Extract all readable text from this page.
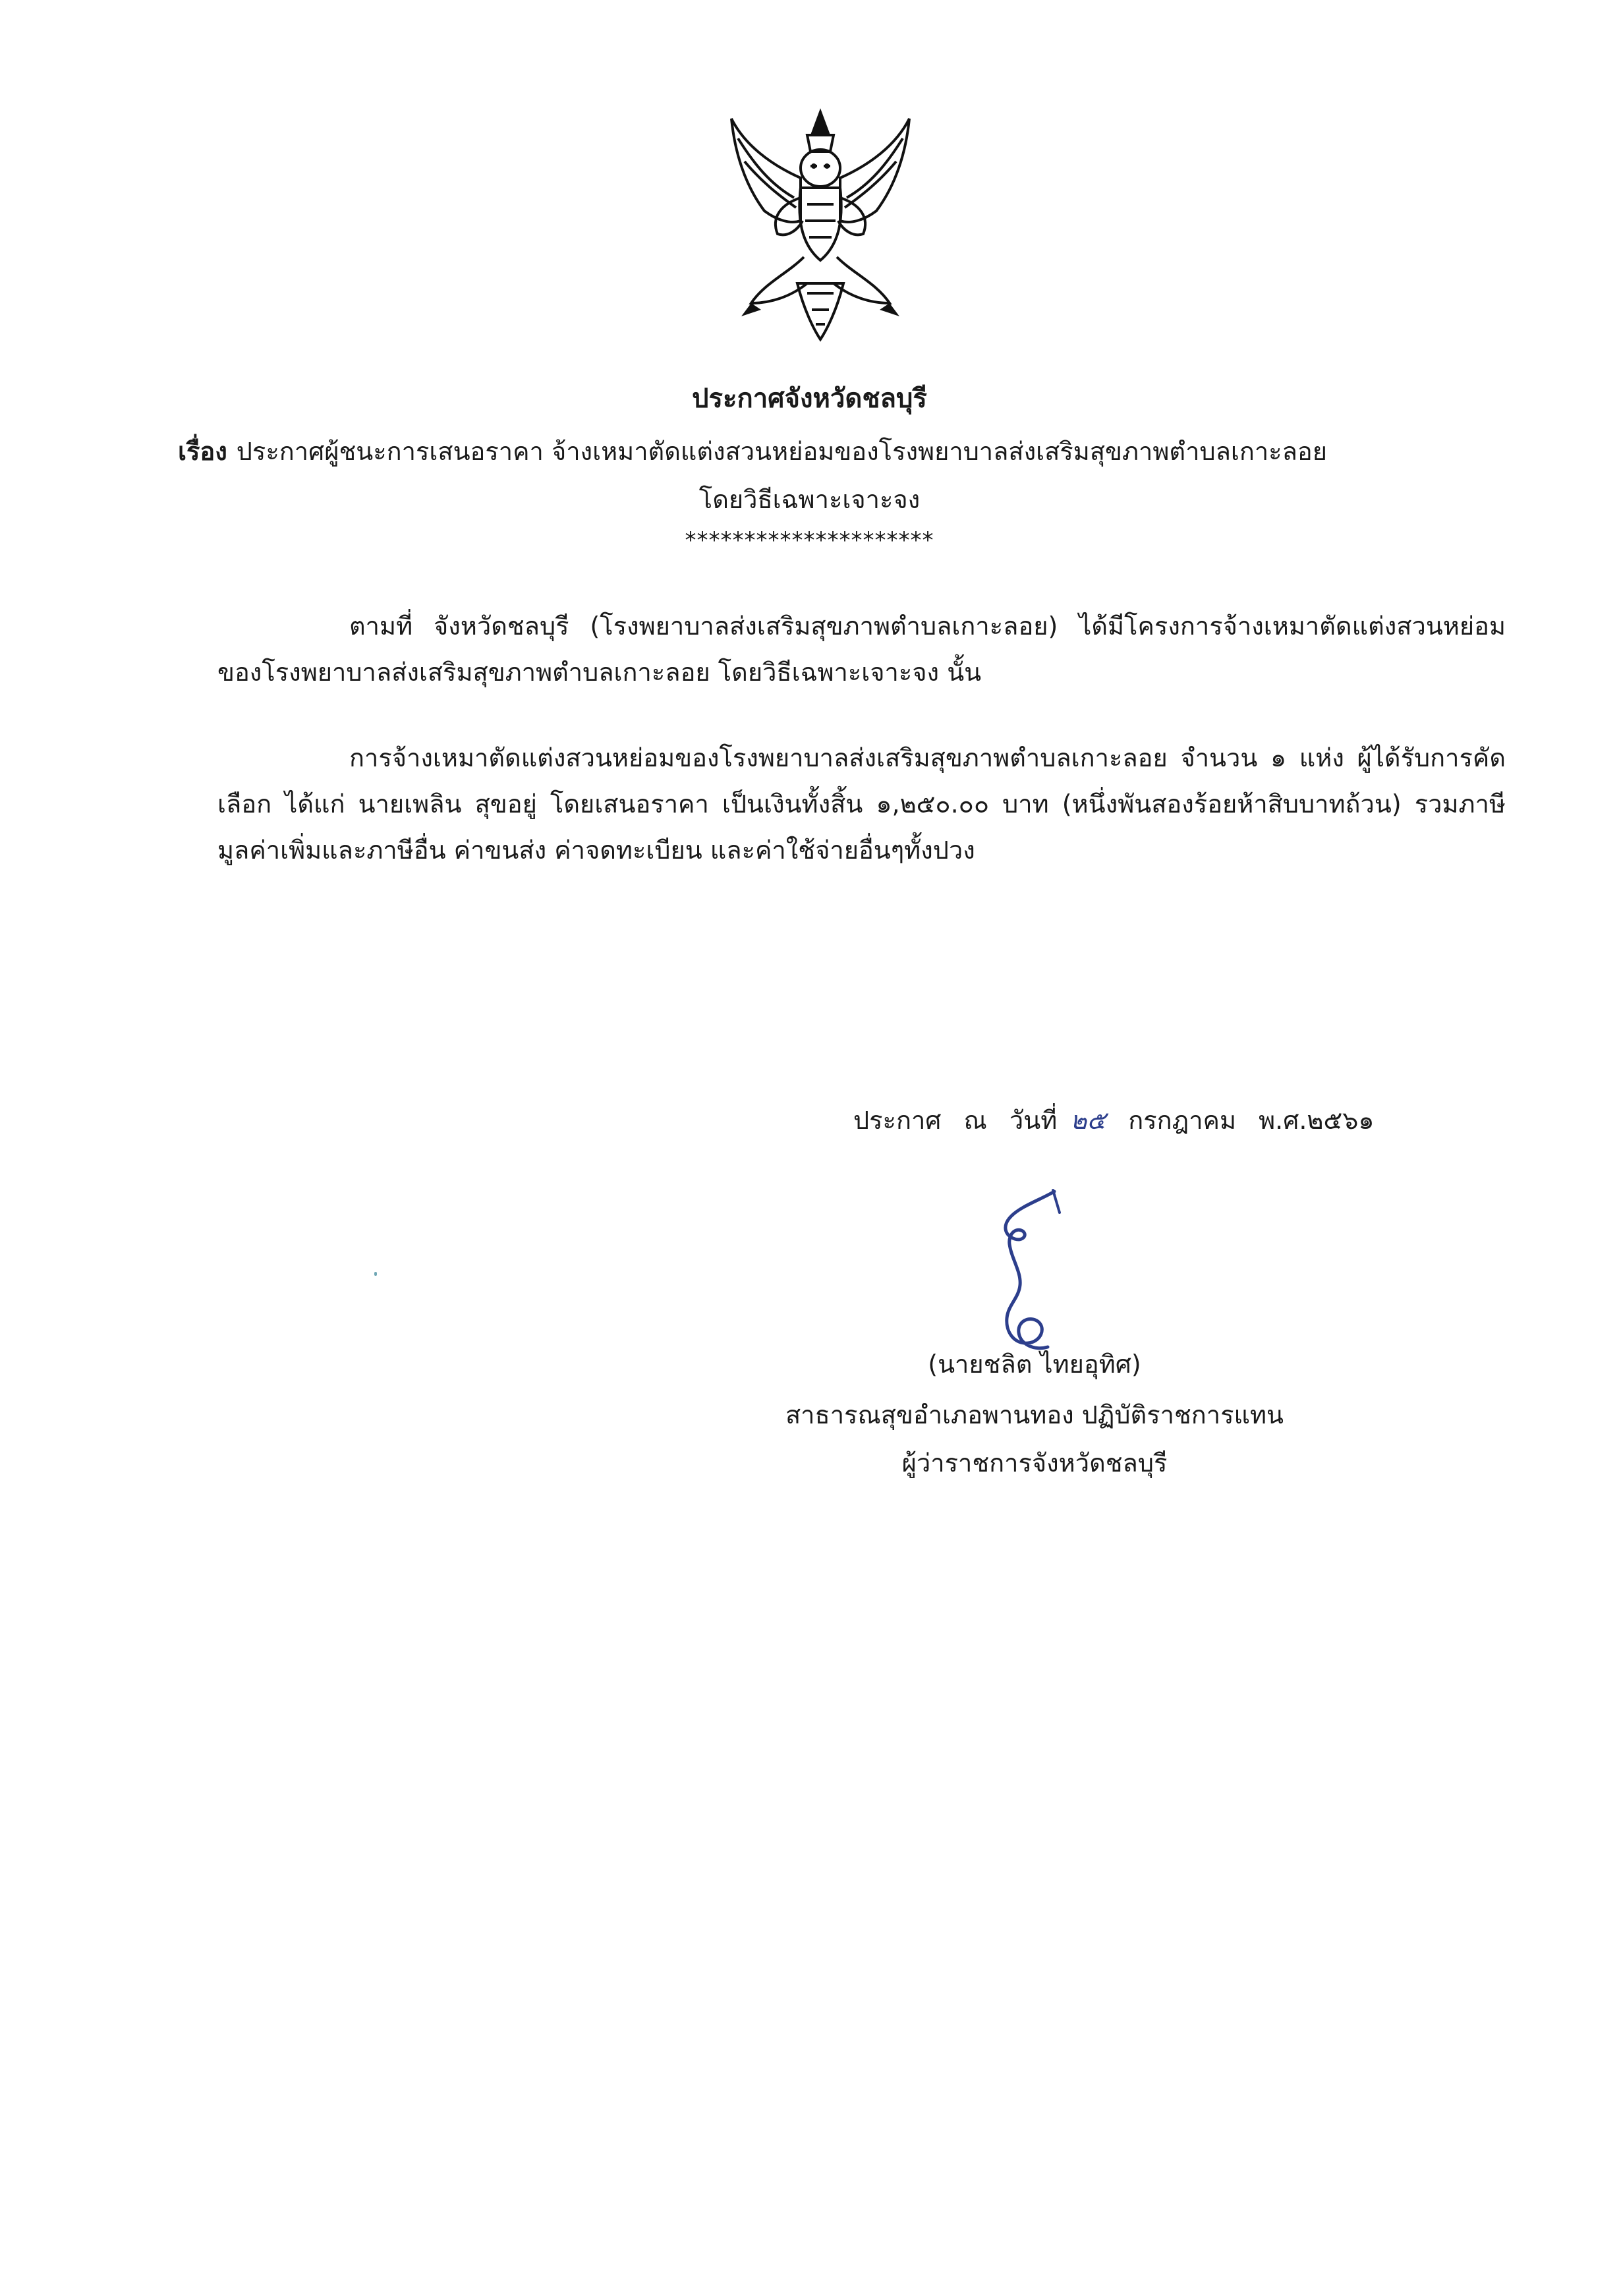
ประกาศจังหวัดชลบุรี
เรื่อง ประกาศผู้ชนะการเสนอราคา จ้างเหมาตัดแต่งสวนหย่อมของโรงพยาบาลส่งเสริมสุขภาพตำบลเกาะลอย
โดยวิธีเฉพาะเจาะจง
*********************

ตามที่ จังหวัดชลบุรี (โรงพยาบาลส่งเสริมสุขภาพตำบลเกาะลอย) ได้มีโครงการจ้างเหมาตัดแต่งสวนหย่อมของโรงพยาบาลส่งเสริมสุขภาพตำบลเกาะลอย โดยวิธีเฉพาะเจาะจง นั้น

การจ้างเหมาตัดแต่งสวนหย่อมของโรงพยาบาลส่งเสริมสุขภาพตำบลเกาะลอย จำนวน ๑ แห่ง ผู้ได้รับการคัดเลือก ได้แก่ นายเพลิน สุขอยู่ โดยเสนอราคา เป็นเงินทั้งสิ้น ๑,๒๕๐.๐๐ บาท (หนึ่งพันสองร้อยห้าสิบบาทถ้วน) รวมภาษีมูลค่าเพิ่มและภาษีอื่น ค่าขนส่ง ค่าจดทะเบียน และค่าใช้จ่ายอื่นๆทั้งปวง

ประกาศ ณ วันที่ ๒๕ กรกฎาคม พ.ศ.๒๕๖๑
(นายชลิต ไทยอุทิศ)
สาธารณสุขอำเภอพานทอง ปฏิบัติราชการแทน
ผู้ว่าราชการจังหวัดชลบุรี
